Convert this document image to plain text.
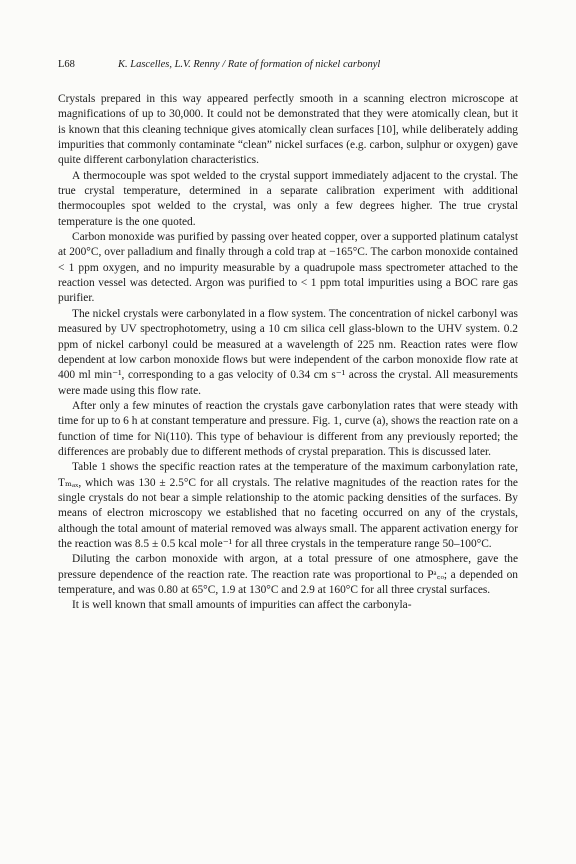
L68	K. Lascelles, L.V. Renny / Rate of formation of nickel carbonyl

Crystals prepared in this way appeared perfectly smooth in a scanning electron microscope at magnifications of up to 30,000. It could not be demonstrated that they were atomically clean, but it is known that this cleaning technique gives atomically clean surfaces [10], while deliberately adding impurities that commonly contaminate “clean” nickel surfaces (e.g. carbon, sulphur or oxygen) gave quite different carbonylation characteristics.

A thermocouple was spot welded to the crystal support immediately adjacent to the crystal. The true crystal temperature, determined in a separate calibration experiment with additional thermocouples spot welded to the crystal, was only a few degrees higher. The true crystal temperature is the one quoted.

Carbon monoxide was purified by passing over heated copper, over a supported platinum catalyst at 200°C, over palladium and finally through a cold trap at −165°C. The carbon monoxide contained < 1 ppm oxygen, and no impurity measurable by a quadrupole mass spectrometer attached to the reaction vessel was detected. Argon was purified to < 1 ppm total impurities using a BOC rare gas purifier.

The nickel crystals were carbonylated in a flow system. The concentration of nickel carbonyl was measured by UV spectrophotometry, using a 10 cm silica cell glass-blown to the UHV system. 0.2 ppm of nickel carbonyl could be measured at a wavelength of 225 nm. Reaction rates were flow dependent at low carbon monoxide flows but were independent of the carbon monoxide flow rate at 400 ml min⁻¹, corresponding to a gas velocity of 0.34 cm s⁻¹ across the crystal. All measurements were made using this flow rate.

After only a few minutes of reaction the crystals gave carbonylation rates that were steady with time for up to 6 h at constant temperature and pressure. Fig. 1, curve (a), shows the reaction rate on a function of time for Ni(110). This type of behaviour is different from any previously reported; the differences are probably due to different methods of crystal preparation. This is discussed later.

Table 1 shows the specific reaction rates at the temperature of the maximum carbonylation rate, Tₘₐₓ, which was 130 ± 2.5°C for all crystals. The relative magnitudes of the reaction rates for the single crystals do not bear a simple relationship to the atomic packing densities of the surfaces. By means of electron microscopy we established that no faceting occurred on any of the crystals, although the total amount of material removed was always small. The apparent activation energy for the reaction was 8.5 ± 0.5 kcal mole⁻¹ for all three crystals in the temperature range 50–100°C.

Diluting the carbon monoxide with argon, at a total pressure of one atmosphere, gave the pressure dependence of the reaction rate. The reaction rate was proportional to Pᵃ꜀ₒ; a depended on temperature, and was 0.80 at 65°C, 1.9 at 130°C and 2.9 at 160°C for all three crystal surfaces.

It is well known that small amounts of impurities can affect the carbonyla-
